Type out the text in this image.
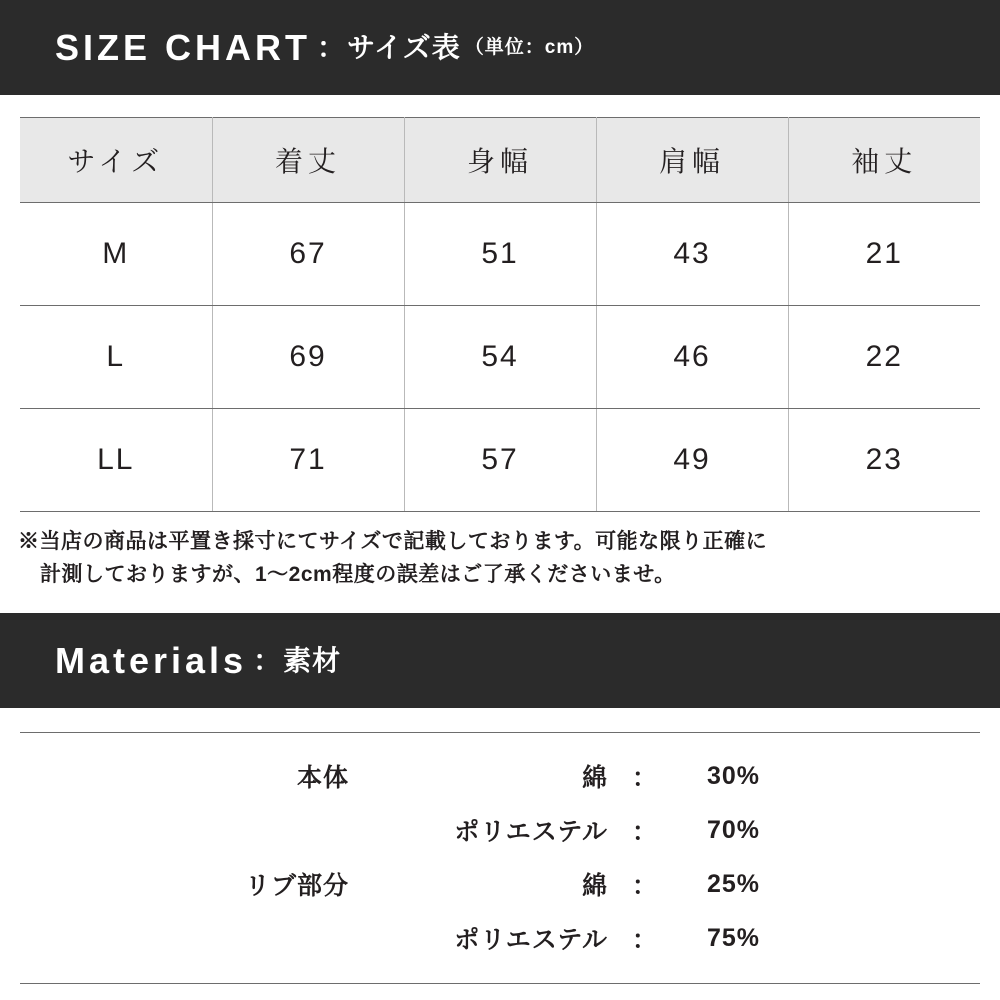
SIZE CHART ： サイズ表 （単位：cm）
サイズ	着丈	身幅	肩幅	袖丈
M	67	51	43	21
L	69	54	46	22
LL	71	57	49	23
※当店の商品は平置き採寸にてサイズで記載しております。可能な限り正確に
計測しておりますが、1〜2cm程度の誤差はご了承くださいませ。
Materials ： 素材
本体	綿	：	30%
	ポリエステル	：	70%
リブ部分	綿	：	25%
	ポリエステル	：	75%
